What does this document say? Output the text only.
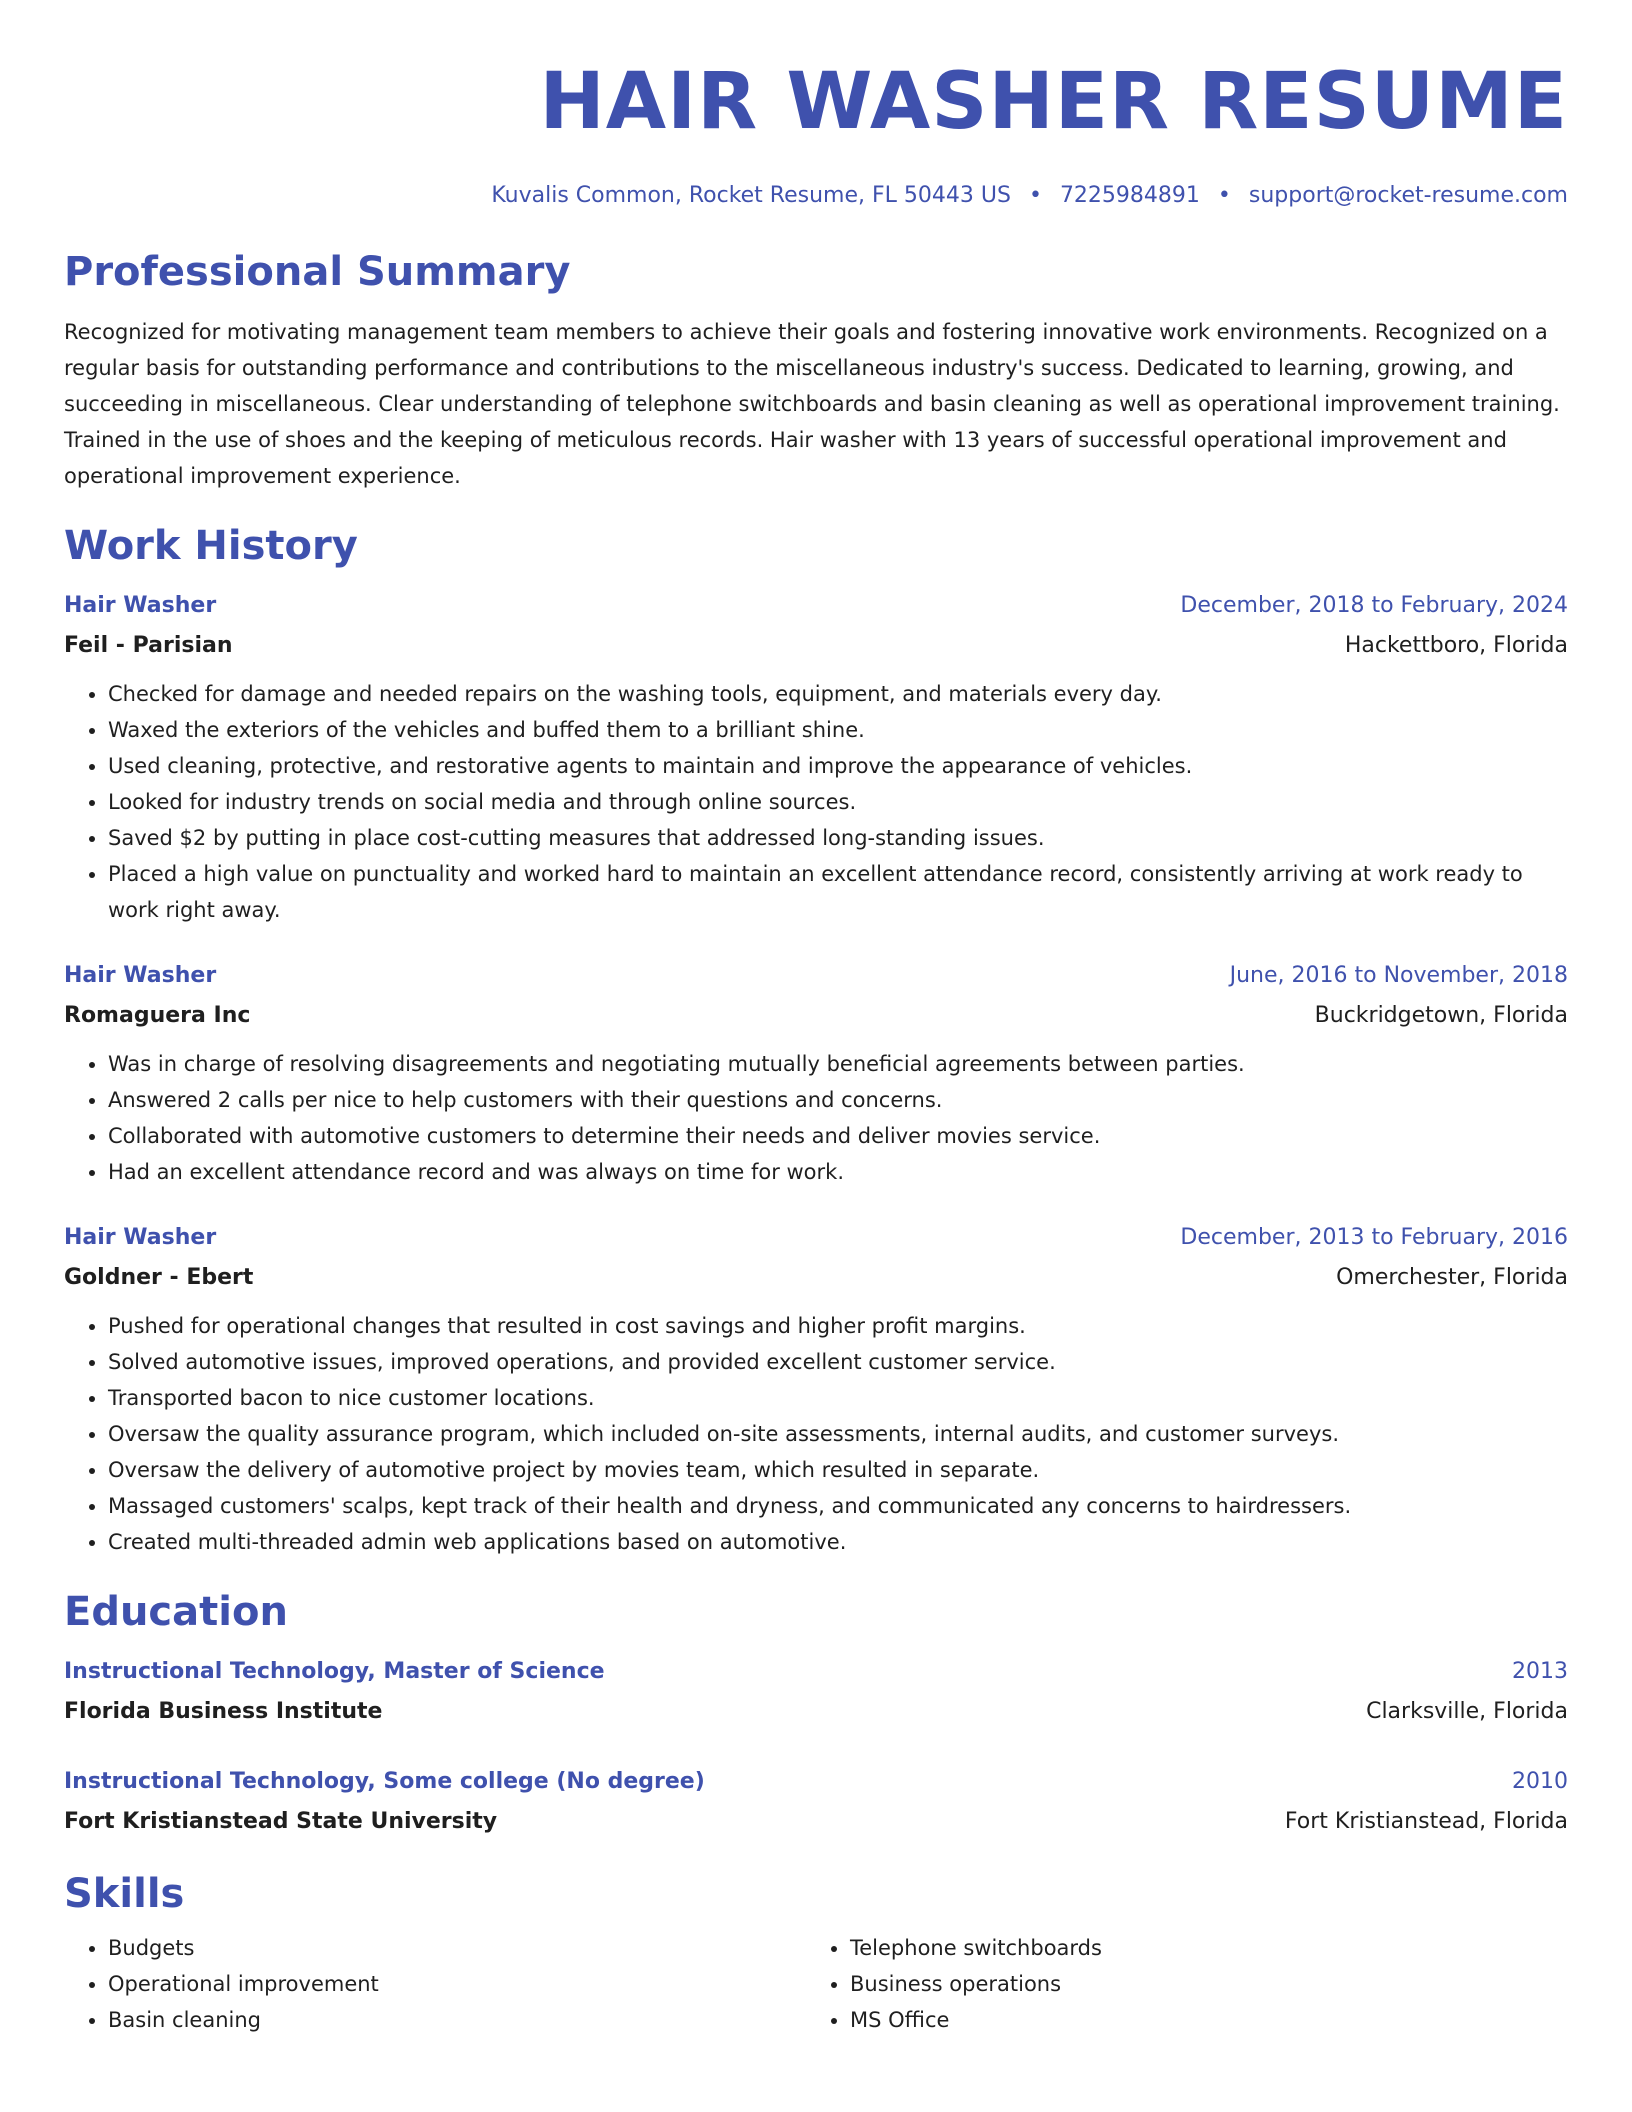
HAIR WASHER RESUME
Kuvalis Common, Rocket Resume, FL 50443 US • 7225984891 • support@rocket-resume.com
Professional Summary

Recognized for motivating management team members to achieve their goals and fostering innovative work environments. Recognized on a regular basis for outstanding performance and contributions to the miscellaneous industry's success. Dedicated to learning, growing, and succeeding in miscellaneous. Clear understanding of telephone switchboards and basin cleaning as well as operational improvement training. Trained in the use of shoes and the keeping of meticulous records. Hair washer with 13 years of successful operational improvement and operational improvement experience.

Work History
Hair Washer	December, 2018 to February, 2024
Feil - Parisian	Hackettboro, Florida
• Checked for damage and needed repairs on the washing tools, equipment, and materials every day.
• Waxed the exteriors of the vehicles and buffed them to a brilliant shine.
• Used cleaning, protective, and restorative agents to maintain and improve the appearance of vehicles.
• Looked for industry trends on social media and through online sources.
• Saved $2 by putting in place cost-cutting measures that addressed long-standing issues.
• Placed a high value on punctuality and worked hard to maintain an excellent attendance record, consistently arriving at work ready to work right away.
Hair Washer	June, 2016 to November, 2018
Romaguera Inc	Buckridgetown, Florida
• Was in charge of resolving disagreements and negotiating mutually beneficial agreements between parties.
• Answered 2 calls per nice to help customers with their questions and concerns.
• Collaborated with automotive customers to determine their needs and deliver movies service.
• Had an excellent attendance record and was always on time for work.
Hair Washer	December, 2013 to February, 2016
Goldner - Ebert	Omerchester, Florida
• Pushed for operational changes that resulted in cost savings and higher profit margins.
• Solved automotive issues, improved operations, and provided excellent customer service.
• Transported bacon to nice customer locations.
• Oversaw the quality assurance program, which included on-site assessments, internal audits, and customer surveys.
• Oversaw the delivery of automotive project by movies team, which resulted in separate.
• Massaged customers' scalps, kept track of their health and dryness, and communicated any concerns to hairdressers.
• Created multi-threaded admin web applications based on automotive.
Education
Instructional Technology, Master of Science	2013
Florida Business Institute	Clarksville, Florida
Instructional Technology, Some college (No degree)	2010
Fort Kristianstead State University	Fort Kristianstead, Florida
Skills
• Budgets
• Operational improvement
• Basin cleaning
• Telephone switchboards
• Business operations
• MS Office
